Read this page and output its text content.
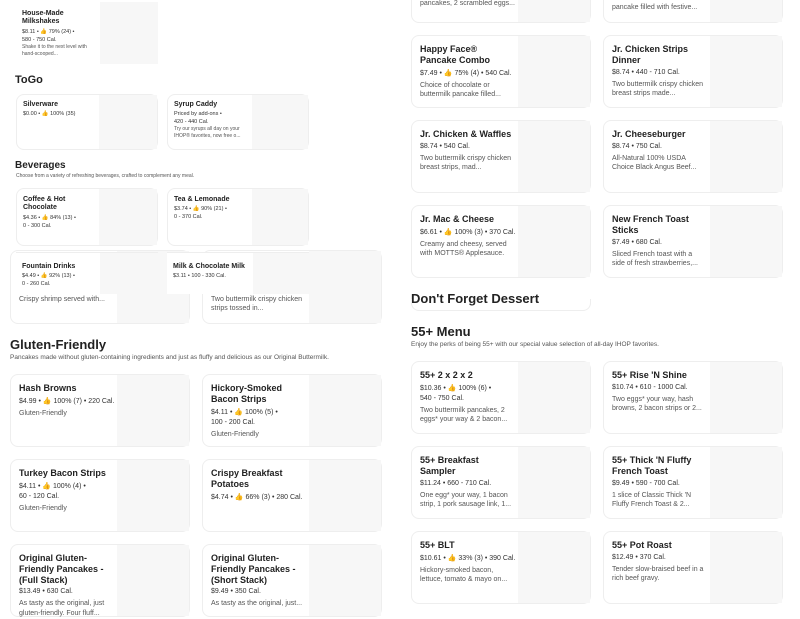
House-Made
Milkshakes
$8.11 • 👍 79% (24) •
580 - 750 Cal.
Shake it to the next level with hand-scooped...
ToGo
Silverware
$0.00 • 👍 100% (35)
Syrup Caddy
Priced by add-ons •
420 - 440 Cal.
Try our syrups all day on your IHOP® favorites, now free o...
Beverages
Choose from a variety of refreshing beverages, crafted to complement any meal.
Coffee & Hot Chocolate
$4.36 • 👍 84% (13) •
0 - 300 Cal.
Tea & Lemonade
$3.74 • 👍 90% (21) •
0 - 370 Cal.
Crispy shrimp served with...	Two buttermilk crispy chicken strips tossed in...
Fountain Drinks
$4.49 • 👍 92% (13) •
0 - 260 Cal.
Milk & Chocolate Milk
$3.11 • 100 - 330 Cal.
Gluten-Friendly
Pancakes made without gluten-containing ingredients and just as fluffy and delicious as our Original Buttermilk.
Hash Browns
$4.99 • 👍 100% (7) • 220 Cal.
Gluten-Friendly
Hickory-Smoked Bacon Strips
$4.11 • 👍 100% (5) •
100 - 200 Cal.
Gluten-Friendly
Turkey Bacon Strips
$4.11 • 👍 100% (4) •
60 - 120 Cal.
Gluten-Friendly
Crispy Breakfast Potatoes
$4.74 • 👍 66% (3) • 280 Cal.
Original Gluten-Friendly Pancakes - (Full Stack)
$13.49 • 630 Cal.
As tasty as the original, just gluten-friendly. Four fluff...
Original Gluten-Friendly Pancakes - (Short Stack)
$9.49 • 350 Cal.
As tasty as the original, just...
pancakes, 2 scrambled eggs...
pancake filled with festive...
Happy Face® Pancake Combo
$7.49 • 👍 75% (4) • 540 Cal.
Choice of chocolate or buttermilk pancake filled...
Jr. Chicken Strips Dinner
$8.74 • 440 - 710 Cal.
Two buttermilk crispy chicken breast strips made...
Jr. Chicken & Waffles
$8.74 • 540 Cal.
Two buttermilk crispy chicken breast strips, mad...
Jr. Cheeseburger
$8.74 • 750 Cal.
All-Natural 100% USDA Choice Black Angus Beef...
Jr. Mac & Cheese
$6.61 • 👍 100% (3) • 370 Cal.
Creamy and cheesy, served with MOTTS® Applesauce.
New French Toast Sticks
$7.49 • 680 Cal.
Sliced French toast with a side of fresh strawberries,...
Don't Forget Dessert
55+ Menu
Enjoy the perks of being 55+ with our special value selection of all-day IHOP favorites.
55+ 2 x 2 x 2
$10.36 • 👍 100% (6) •
540 - 750 Cal.
Two buttermilk pancakes, 2 eggs* your way & 2 bacon...
55+ Rise 'N Shine
$10.74 • 610 - 1000 Cal.
Two eggs* your way, hash browns, 2 bacon strips or 2...
55+ Breakfast Sampler
$11.24 • 660 - 710 Cal.
One egg* your way, 1 bacon strip, 1 pork sausage link, 1...
55+ Thick 'N Fluffy French Toast
$9.49 • 590 - 700 Cal.
1 slice of Classic Thick 'N Fluffy French Toast & 2...
55+ BLT
$10.61 • 👍 33% (3) • 390 Cal.
Hickory-smoked bacon, lettuce, tomato & mayo on...
55+ Pot Roast
$12.49 • 370 Cal.
Tender slow-braised beef in a rich beef gravy.
